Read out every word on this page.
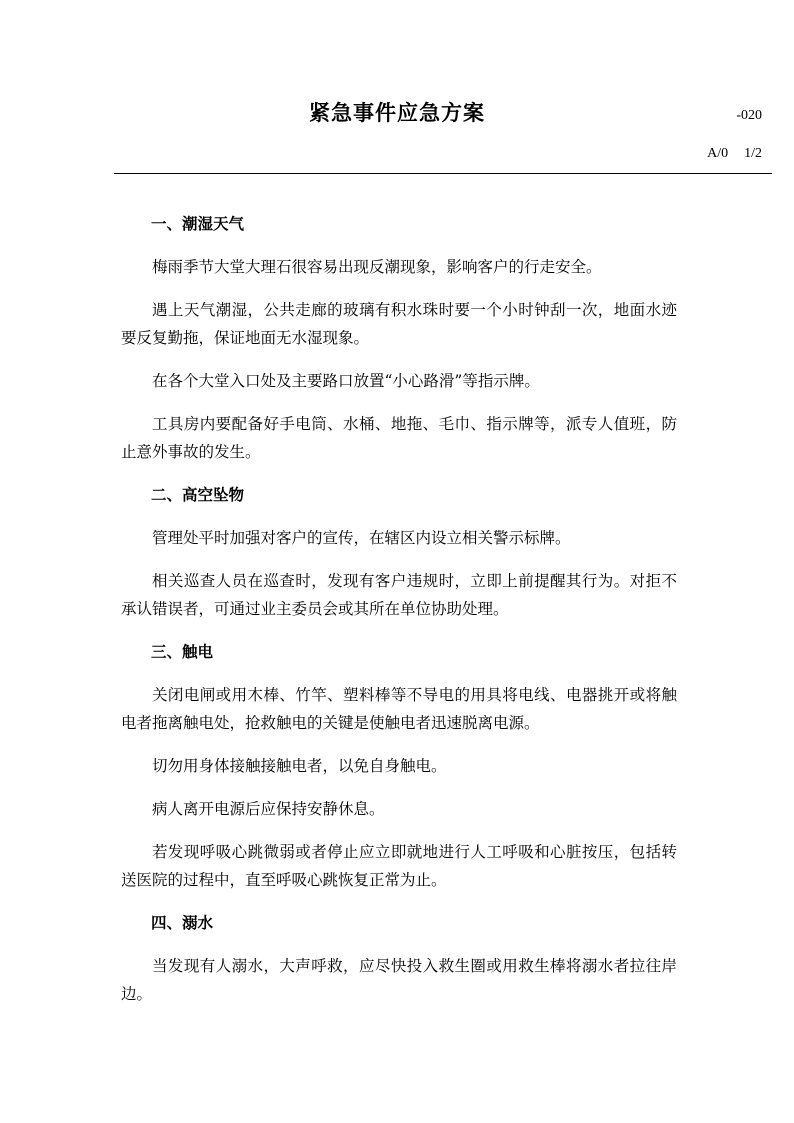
紧急事件应急方案	-020
A/0 1/2
一、潮湿天气

梅雨季节大堂大理石很容易出现反潮现象，影响客户的行走安全。

遇上天气潮湿，公共走廊的玻璃有积水珠时要一个小时钟刮一次，地面水迹要反复勤拖，保证地面无水湿现象。

在各个大堂入口处及主要路口放置“小心路滑”等指示牌。

工具房内要配备好手电筒、水桶、地拖、毛巾、指示牌等，派专人值班，防止意外事故的发生。

二、高空坠物

管理处平时加强对客户的宣传，在辖区内设立相关警示标牌。

相关巡查人员在巡查时，发现有客户违规时，立即上前提醒其行为。对拒不承认错误者，可通过业主委员会或其所在单位协助处理。

三、触电

关闭电闸或用木棒、竹竿、塑料棒等不导电的用具将电线、电器挑开或将触电者拖离触电处，抢救触电的关键是使触电者迅速脱离电源。

切勿用身体接触接触电者，以免自身触电。

病人离开电源后应保持安静休息。

若发现呼吸心跳微弱或者停止应立即就地进行人工呼吸和心脏按压，包括转送医院的过程中，直至呼吸心跳恢复正常为止。

四、溺水

当发现有人溺水，大声呼救，应尽快投入救生圈或用救生棒将溺水者拉往岸边。
